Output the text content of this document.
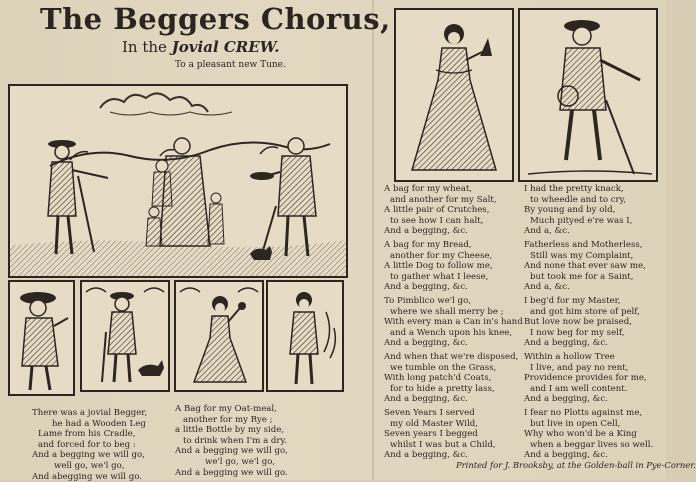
The Beggers Chorus,
In the Jovial CREW.
To a pleasant new Tune.
There was a jovial Begger,
he had a Wooden Leg
Lame from his Cradle,
and forced for to beg :
And a begging we will go,
well go, we'l go,
And abegging we will go.
A Bag for my Oat-meal,
another for my Rye ;
a little Bottle by my side,
to drink when I'm a dry.
And a begging we will go,
we'l go, we'l go,
And a begging we will go.
A bag for my wheat,
and another for my Salt,
A little pair of Crutches,
to see how I can halt,
And a begging, &c.
A bag for my Bread,
another for my Cheese,
A little Dog to follow me,
to gather what I leese,
And a begging, &c.
To Pimblico we'l go,
where we shall merry be ;
With every man a Can in's hand
and a Wench upon his knee,
And a begging, &c.
And when that we're disposed,
we tumble on the Grass,
With long patch'd Coats,
for to hide a pretty lass,
And a begging, &c.
Seven Years I served
my old Master Wild,
Seven years I begged
whilst I was but a Child,
And a begging, &c.
I had the pretty knack,
to wheedle and to cry,
By young and by old,
Much pityed e're was I,
And a, &c.
Fatherless and Motherless,
Still was my Complaint,
And none that ever saw me,
but took me for a Saint,
And a, &c.
I beg'd for my Master,
and got him store of pelf,
But love now be praised,
I now beg for my self,
And a begging, &c.
Within a hollow Tree
I live, and pay no rent,
Providence provides for me,
and I am well content.
And a begging, &c.
I fear no Plotts against me,
but live in open Cell,
Why who won'd be a King
when a beggar lives so well.
And a begging, &c.
Printed for J. Brooksby, at the Golden-ball in Pye-Corner.
